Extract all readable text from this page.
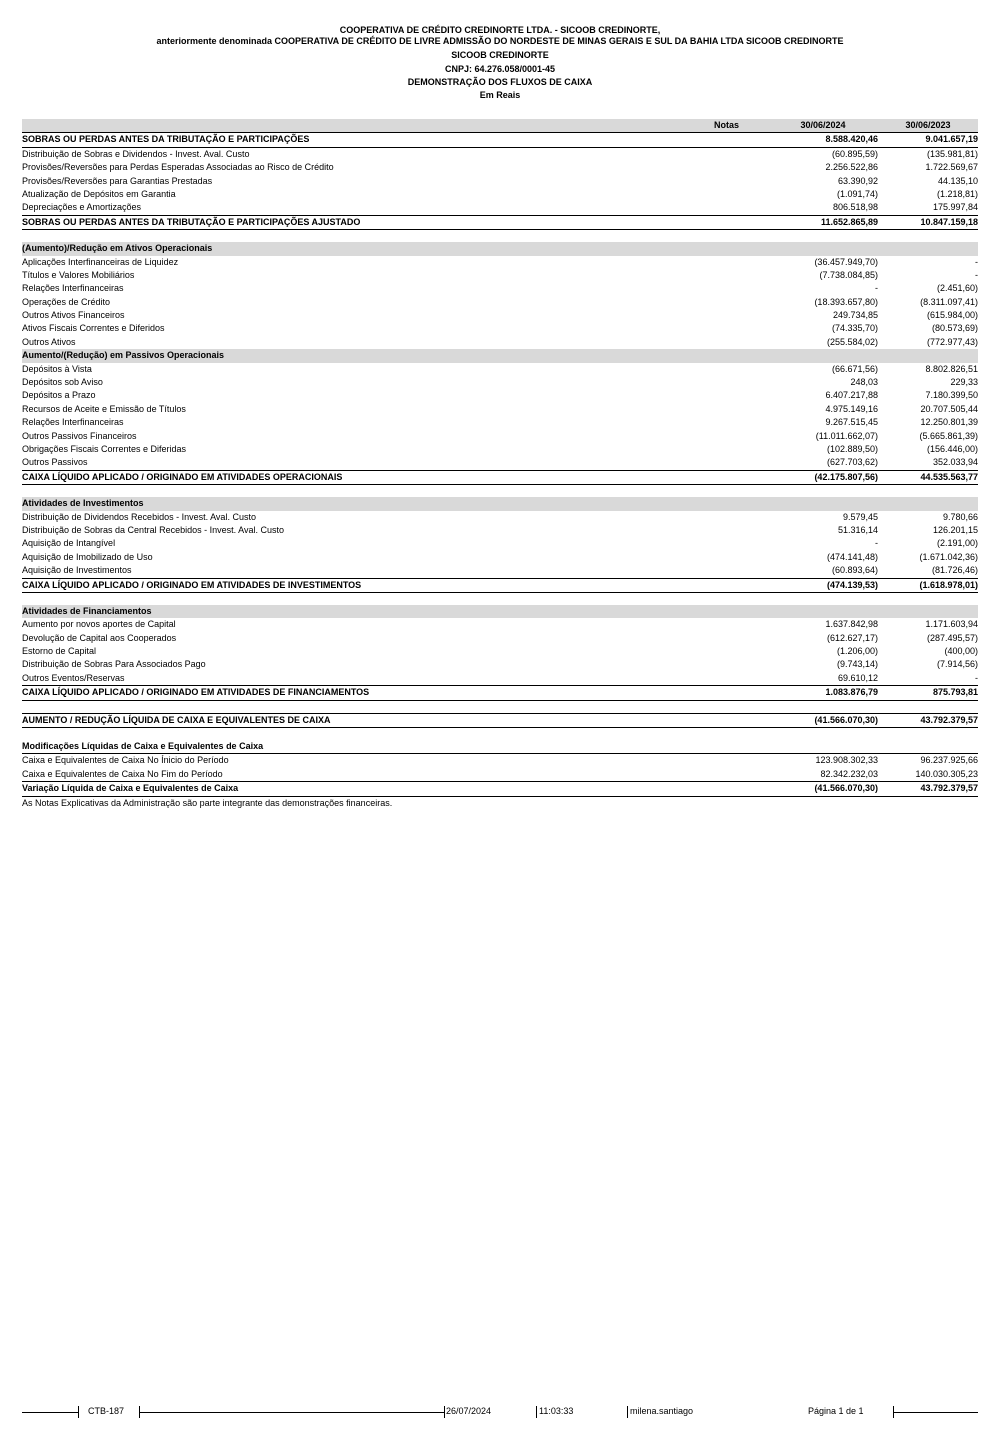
COOPERATIVA DE CRÉDITO CREDINORTE LTDA. - SICOOB CREDINORTE,
anteriormente denominada COOPERATIVA DE CRÉDITO DE LIVRE ADMISSÃO DO NORDESTE DE MINAS GERAIS E SUL DA BAHIA LTDA SICOOB CREDINORTE
SICOOB CREDINORTE
CNPJ: 64.276.058/0001-45
DEMONSTRAÇÃO DOS FLUXOS DE CAIXA
Em Reais
Notas	30/06/2024	30/06/2023
SOBRAS OU PERDAS ANTES DA TRIBUTAÇÃO E PARTICIPAÇÕES	8.588.420,46	9.041.657,19
Distribuição de Sobras e Dividendos - Invest. Aval. Custo	(60.895,59)	(135.981,81)
Provisões/Reversões para Perdas Esperadas Associadas ao Risco de Crédito	2.256.522,86	1.722.569,67
Provisões/Reversões para Garantias Prestadas	63.390,92	44.135,10
Atualização de Depósitos em Garantia	(1.091,74)	(1.218,81)
Depreciações e Amortizações	806.518,98	175.997,84
SOBRAS OU PERDAS ANTES DA TRIBUTAÇÃO E PARTICIPAÇÕES AJUSTADO	11.652.865,89	10.847.159,18
(Aumento)/Redução em Ativos Operacionais
Aplicações Interfinanceiras de Liquidez	(36.457.949,70)	-
Títulos e Valores Mobiliários	(7.738.084,85)	-
Relações Interfinanceiras	-	(2.451,60)
Operações de Crédito	(18.393.657,80)	(8.311.097,41)
Outros Ativos Financeiros	249.734,85	(615.984,00)
Ativos Fiscais Correntes e Diferidos	(74.335,70)	(80.573,69)
Outros Ativos	(255.584,02)	(772.977,43)
Aumento/(Redução) em Passivos Operacionais
Depósitos à Vista	(66.671,56)	8.802.826,51
Depósitos sob Aviso	248,03	229,33
Depósitos a Prazo	6.407.217,88	7.180.399,50
Recursos de Aceite e Emissão de Títulos	4.975.149,16	20.707.505,44
Relações Interfinanceiras	9.267.515,45	12.250.801,39
Outros Passivos Financeiros	(11.011.662,07)	(5.665.861,39)
Obrigações Fiscais Correntes e Diferidas	(102.889,50)	(156.446,00)
Outros Passivos	(627.703,62)	352.033,94
CAIXA LÍQUIDO APLICADO / ORIGINADO EM ATIVIDADES OPERACIONAIS	(42.175.807,56)	44.535.563,77
Atividades de Investimentos
Distribuição de Dividendos Recebidos - Invest. Aval. Custo	9.579,45	9.780,66
Distribuição de Sobras da Central Recebidos - Invest. Aval. Custo	51.316,14	126.201,15
Aquisição de Intangível	-	(2.191,00)
Aquisição de Imobilizado de Uso	(474.141,48)	(1.671.042,36)
Aquisição de Investimentos	(60.893,64)	(81.726,46)
CAIXA LÍQUIDO APLICADO / ORIGINADO EM ATIVIDADES DE INVESTIMENTOS	(474.139,53)	(1.618.978,01)
Atividades de Financiamentos
Aumento por novos aportes de Capital	1.637.842,98	1.171.603,94
Devolução de Capital aos Cooperados	(612.627,17)	(287.495,57)
Estorno de Capital	(1.206,00)	(400,00)
Distribuição de Sobras Para Associados Pago	(9.743,14)	(7.914,56)
Outros Eventos/Reservas	69.610,12	-
CAIXA LÍQUIDO APLICADO / ORIGINADO EM ATIVIDADES DE FINANCIAMENTOS	1.083.876,79	875.793,81
AUMENTO / REDUÇÃO LÍQUIDA DE CAIXA E EQUIVALENTES DE CAIXA	(41.566.070,30)	43.792.379,57
Modificações Líquidas de Caixa e Equivalentes de Caixa
Caixa e Equivalentes de Caixa No Ínicio do Período	123.908.302,33	96.237.925,66
Caixa e Equivalentes de Caixa No Fim do Período	82.342.232,03	140.030.305,23
Variação Líquida de Caixa e Equivalentes de Caixa	(41.566.070,30)	43.792.379,57
As Notas Explicativas da Administração são parte integrante das demonstrações financeiras.
CTB-187	26/07/2024	11:03:33	milena.santiago	Página 1 de 1
